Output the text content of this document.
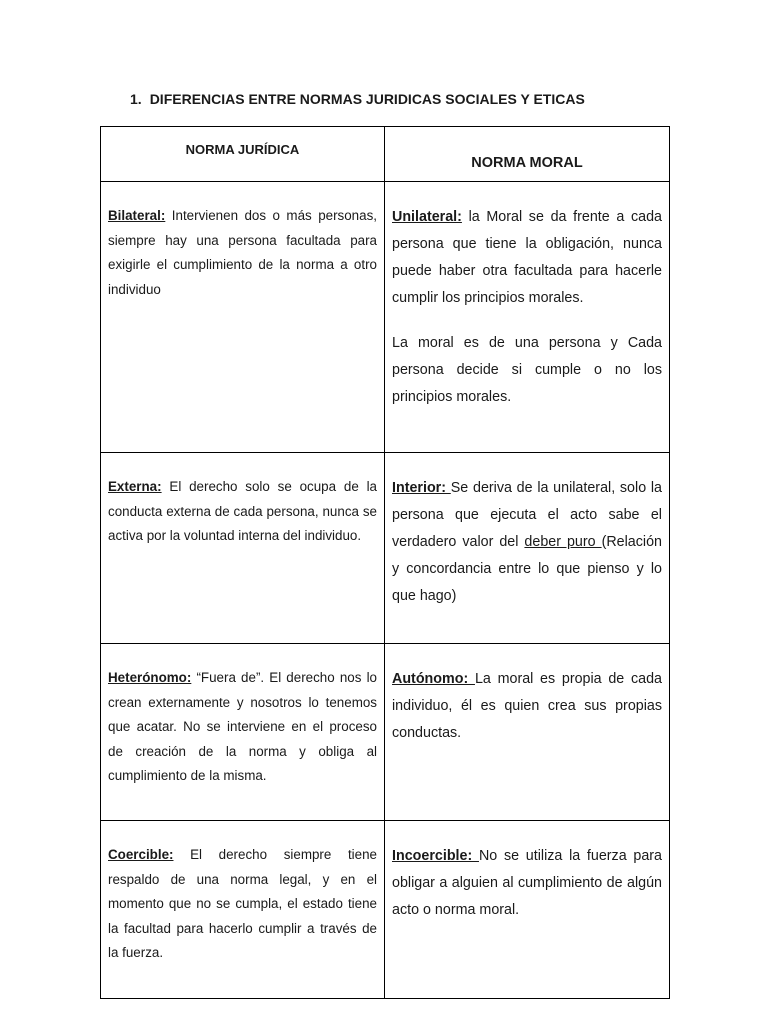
1. DIFERENCIAS ENTRE NORMAS JURIDICAS SOCIALES Y ETICAS
NORMA JURÍDICA	NORMA MORAL

Bilateral: Intervienen dos o más personas, siempre hay una persona facultada para exigirle el cumplimiento de la norma a otro individuo	Unilateral: la Moral se da frente a cada persona que tiene la obligación, nunca puede haber otra facultada para hacerle cumplir los principios morales.
La moral es de una persona y Cada persona decide si cumple o no los principios morales.

Externa: El derecho solo se ocupa de la conducta externa de cada persona, nunca se activa por la voluntad interna del individuo.	Interior: Se deriva de la unilateral, solo la persona que ejecuta el acto sabe el verdadero valor del deber puro (Relación y concordancia entre lo que pienso y lo que hago)
Heterónomo: “Fuera de”. El derecho nos lo crean externamente y nosotros lo tenemos que acatar. No se interviene en el proceso de creación de la norma y obliga al cumplimiento de la misma.	Autónomo: La moral es propia de cada individuo, él es quien crea sus propias conductas.
Coercible: El derecho siempre tiene respaldo de una norma legal, y en el momento que no se cumpla, el estado tiene la facultad para hacerlo cumplir a través de la fuerza.	Incoercible: No se utiliza la fuerza para obligar a alguien al cumplimiento de algún acto o norma moral.
